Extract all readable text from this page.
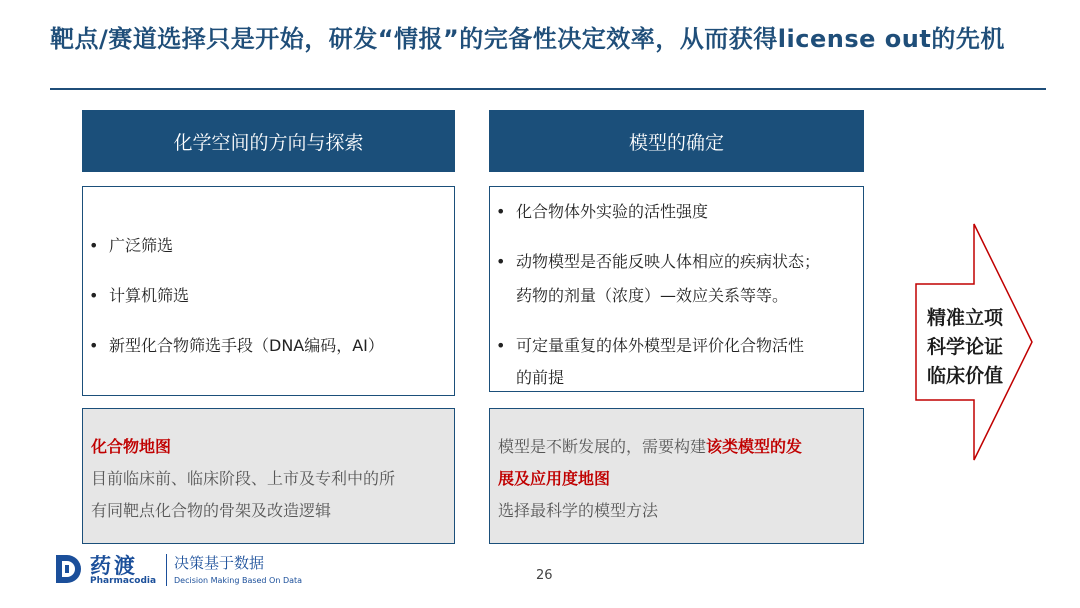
靶点/赛道选择只是开始，研发“情报”的完备性决定效率，从而获得license out的先机
化学空间的方向与探索
• 广泛筛选
• 计算机筛选
• 新型化合物筛选手段（DNA编码，AI）
化合物地图
目前临床前、临床阶段、上市及专利中的所
有同靶点化合物的骨架及改造逻辑
模型的确定
• 化合物体外实验的活性强度
• 动物模型是否能反映人体相应的疾病状态；
药物的剂量（浓度）—效应关系等等。
• 可定量重复的体外模型是评价化合物活性
的前提
模型是不断发展的，需要构建该类模型的发
展及应用度地图
选择最科学的模型方法
精准立项
科学论证
临床价值
药渡
Pharmacodia
决策基于数据
Decision Making Based On Data	26
